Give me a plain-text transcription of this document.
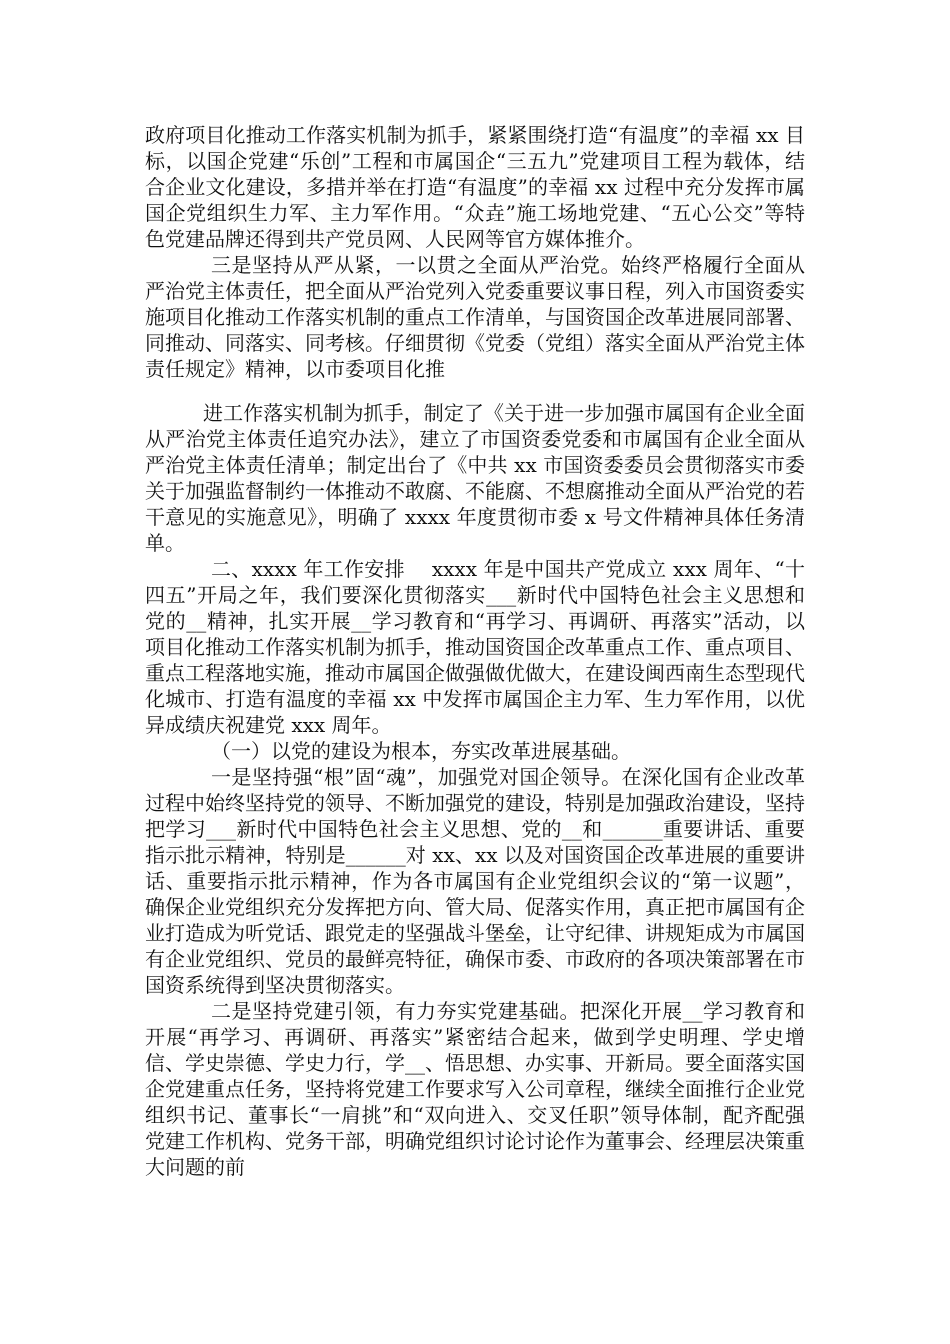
政府项目化推动工作落实机制为抓手，紧紧围绕打造“有温度”的幸福 xx 目标，以国企党建“乐创”工程和市属国企“三五九”党建项目工程为载体，结合企业文化建设，多措并举在打造“有温度”的幸福 xx 过程中充分发挥市属国企党组织生力军、主力军作用。“众垚”施工场地党建、“五心公交”等特色党建品牌还得到共产党员网、人民网等官方媒体推介。

三是坚持从严从紧，一以贯之全面从严治党。始终严格履行全面从严治党主体责任，把全面从严治党列入党委重要议事日程，列入市国资委实施项目化推动工作落实机制的重点工作清单，与国资国企改革进展同部署、同推动、同落实、同考核。仔细贯彻《党委（党组）落实全面从严治党主体责任规定》精神，以市委项目化推

进工作落实机制为抓手，制定了《关于进一步加强市属国有企业全面从严治党主体责任追究办法》，建立了市国资委党委和市属国有企业全面从严治党主体责任清单；制定出台了《中共 xx 市国资委委员会贯彻落实市委关于加强监督制约一体推动不敢腐、不能腐、不想腐推动全面从严治党的若干意见的实施意见》，明确了 xxxx 年度贯彻市委 x 号文件精神具体任务清单。

二、xxxx 年工作安排　 xxxx 年是中国共产党成立 xxx 周年、“十四五”开局之年，我们要深化贯彻落实___新时代中国特色社会主义思想和党的__精神，扎实开展__学习教育和“再学习、再调研、再落实”活动，以项目化推动工作落实机制为抓手，推动国资国企改革重点工作、重点项目、重点工程落地实施，推动市属国企做强做优做大，在建设闽西南生态型现代化城市、打造有温度的幸福 xx 中发挥市属国企主力军、生力军作用，以优异成绩庆祝建党 xxx 周年。

（一）以党的建设为根本，夯实改革进展基础。

一是坚持强“根”固“魂”，加强党对国企领导。在深化国有企业改革过程中始终坚持党的领导、不断加强党的建设，特别是加强政治建设，坚持把学习___新时代中国特色社会主义思想、党的__和______重要讲话、重要指示批示精神，特别是______对 xx、xx 以及对国资国企改革进展的重要讲话、重要指示批示精神，作为各市属国有企业党组织会议的“第一议题”，确保企业党组织充分发挥把方向、管大局、促落实作用，真正把市属国有企业打造成为听党话、跟党走的坚强战斗堡垒，让守纪律、讲规矩成为市属国有企业党组织、党员的最鲜亮特征，确保市委、市政府的各项决策部署在市国资系统得到坚决贯彻落实。

二是坚持党建引领，有力夯实党建基础。把深化开展__学习教育和开展“再学习、再调研、再落实”紧密结合起来，做到学史明理、学史增信、学史崇德、学史力行，学__、悟思想、办实事、开新局。要全面落实国企党建重点任务，坚持将党建工作要求写入公司章程，继续全面推行企业党组织书记、董事长“一肩挑”和“双向进入、交叉任职”领导体制，配齐配强党建工作机构、党务干部，明确党组织讨论讨论作为董事会、经理层决策重大问题的前
